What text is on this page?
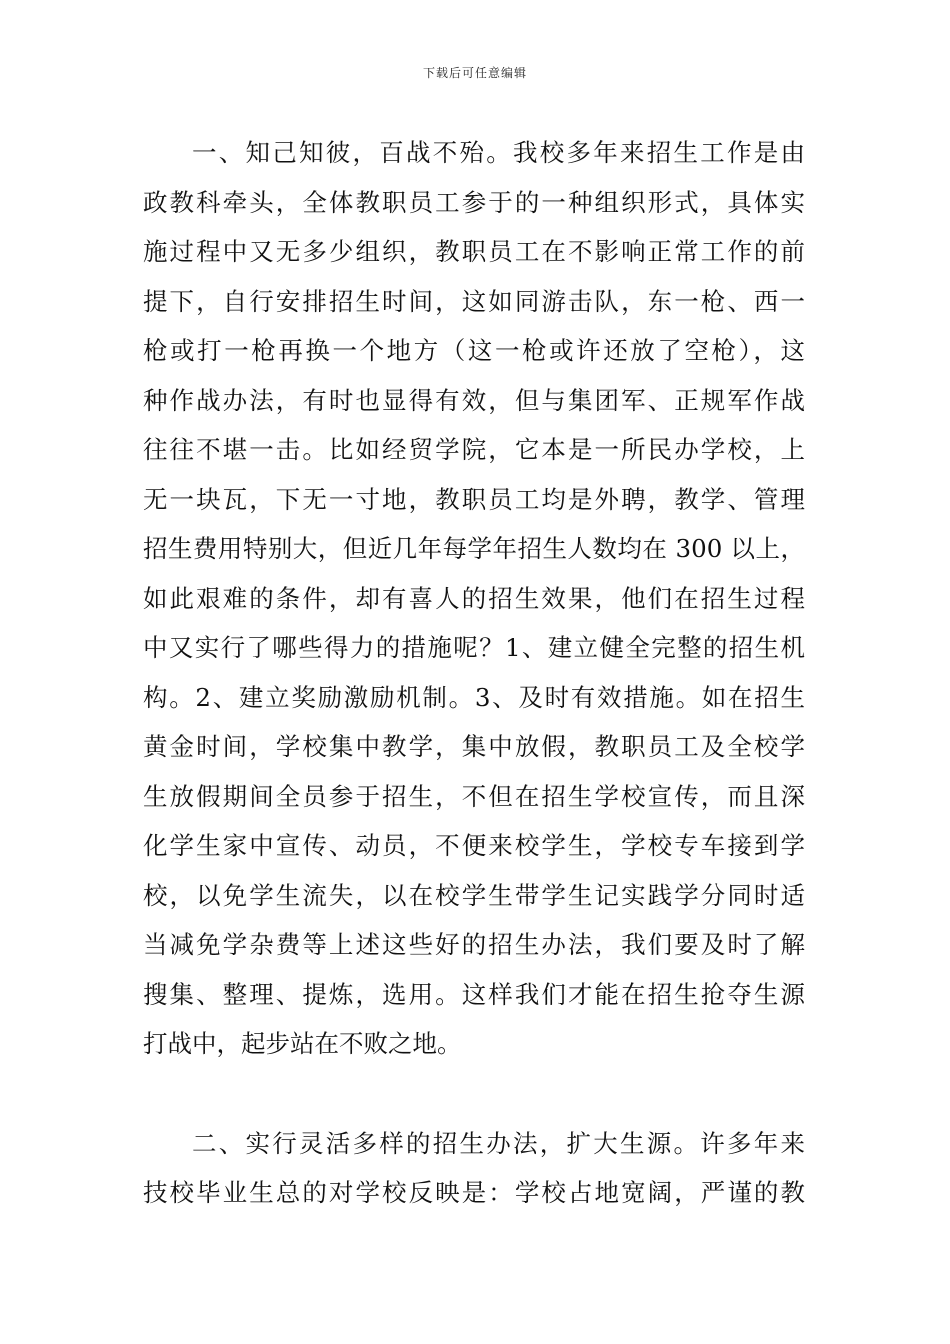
下载后可任意编辑
一、知己知彼，百战不殆。我校多年来招生工作是由
政教科牵头，全体教职员工参于的一种组织形式，具体实
施过程中又无多少组织，教职员工在不影响正常工作的前
提下，自行安排招生时间，这如同游击队，东一枪、西一
枪或打一枪再换一个地方（这一枪或许还放了空枪），这
种作战办法，有时也显得有效，但与集团军、正规军作战
往往不堪一击。比如经贸学院，它本是一所民办学校，上
无一块瓦，下无一寸地，教职员工均是外聘，教学、管理
招生费用特别大，但近几年每学年招生人数均在 300 以上，
如此艰难的条件，却有喜人的招生效果，他们在招生过程
中又实行了哪些得力的措施呢？1、建立健全完整的招生机
构。2、建立奖励激励机制。3、及时有效措施。如在招生
黄金时间，学校集中教学，集中放假，教职员工及全校学
生放假期间全员参于招生，不但在招生学校宣传，而且深
化学生家中宣传、动员，不便来校学生，学校专车接到学
校，以免学生流失，以在校学生带学生记实践学分同时适
当减免学杂费等上述这些好的招生办法，我们要及时了解
搜集、整理、提炼，选用。这样我们才能在招生抢夺生源
打战中，起步站在不败之地。
二、实行灵活多样的招生办法，扩大生源。许多年来
技校毕业生总的对学校反映是：学校占地宽阔，严谨的教
